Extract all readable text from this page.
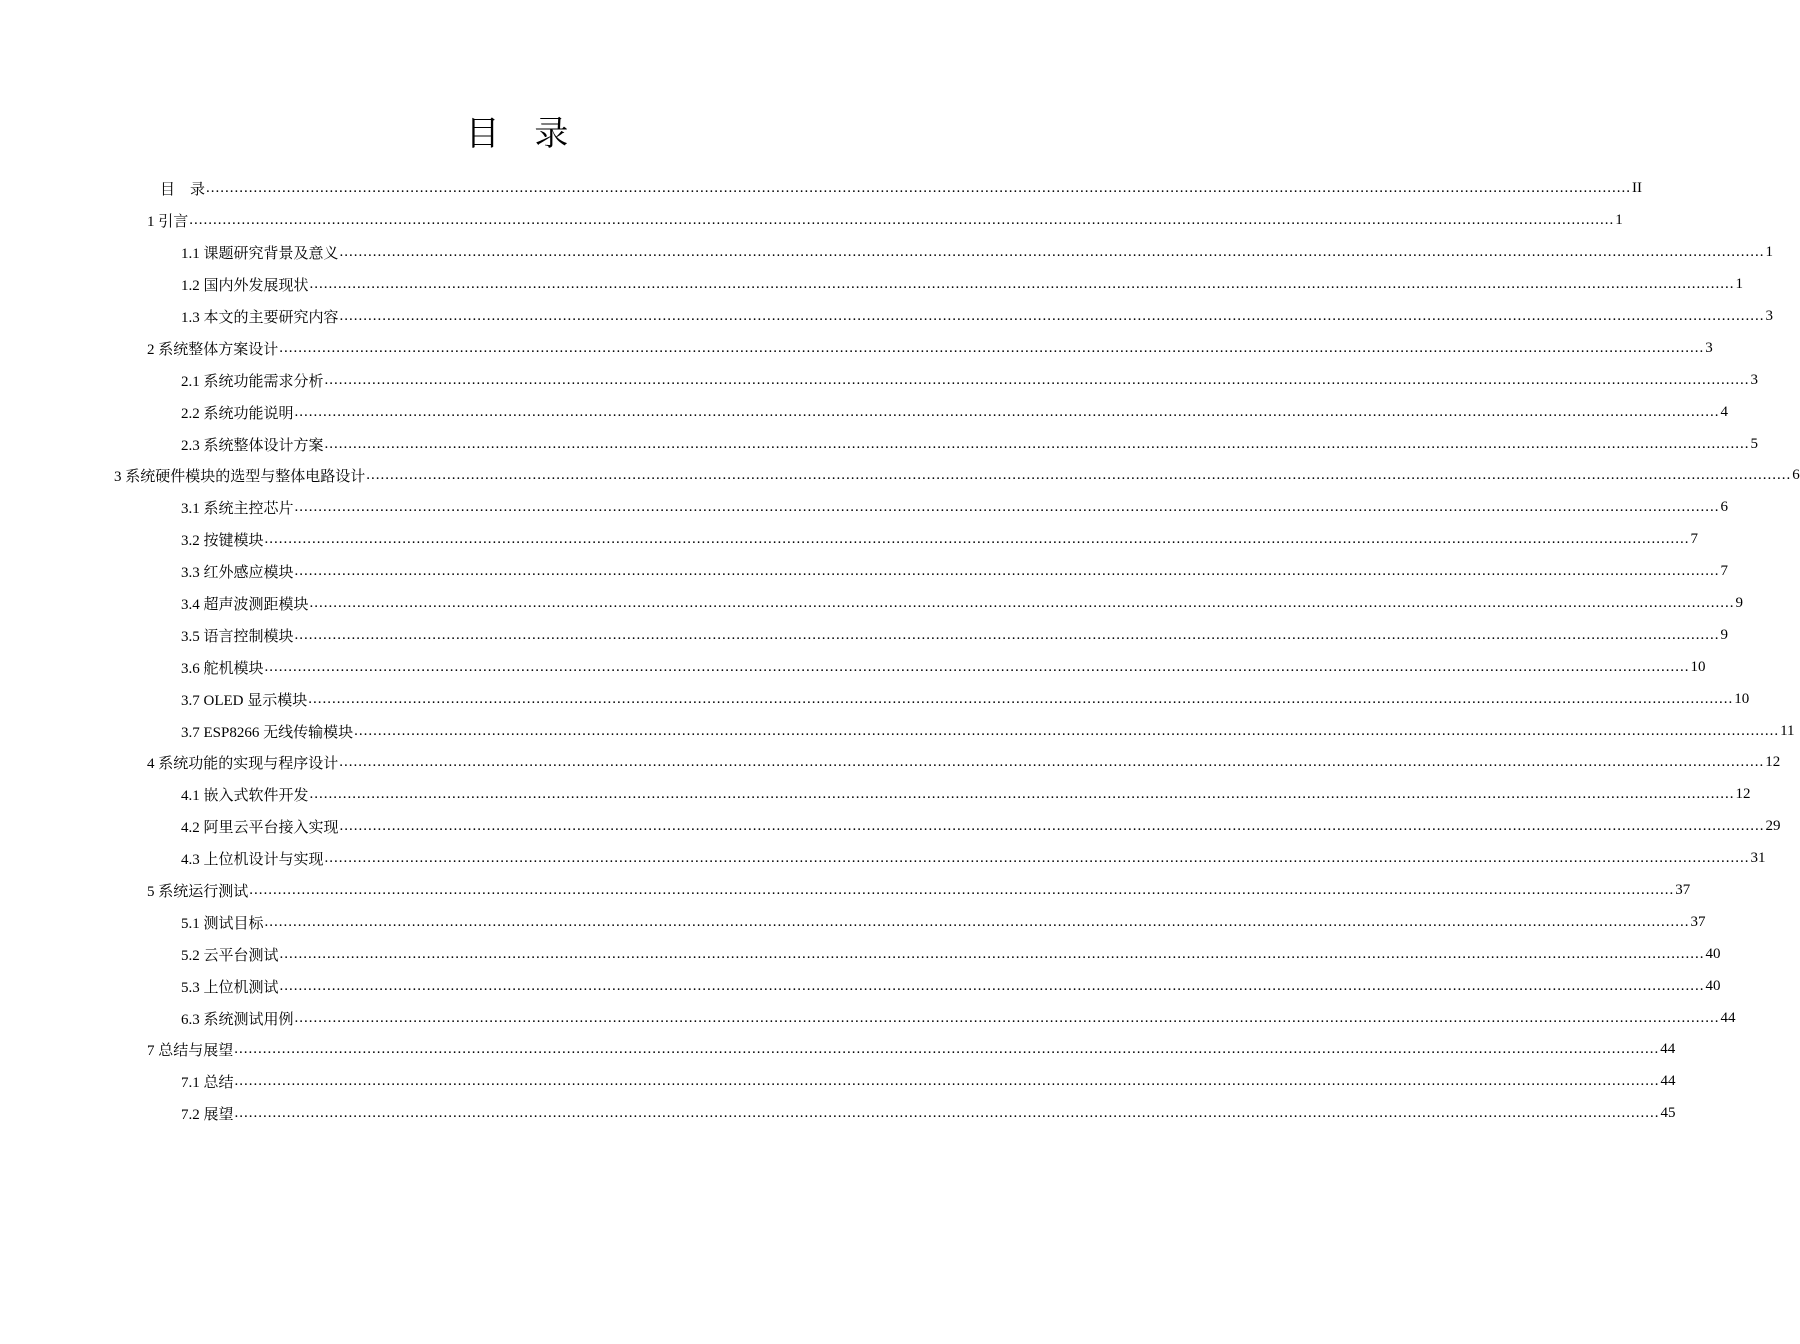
目 录
目　录 ............................................................................................................................................................................................................................................................................................................ II
1 引言 ............................................................................................................................................................................................................................................................................................................ 1
1.1 课题研究背景及意义 ............................................................................................................................................................................................................................................................................................................ 1
1.2 国内外发展现状 ............................................................................................................................................................................................................................................................................................................ 1
1.3 本文的主要研究内容 ............................................................................................................................................................................................................................................................................................................ 3
2 系统整体方案设计 ............................................................................................................................................................................................................................................................................................................ 3
2.1 系统功能需求分析 ............................................................................................................................................................................................................................................................................................................ 3
2.2 系统功能说明 ............................................................................................................................................................................................................................................................................................................ 4
2.3 系统整体设计方案 ............................................................................................................................................................................................................................................................................................................ 5
3 系统硬件模块的选型与整体电路设计 ............................................................................................................................................................................................................................................................................................................ 6
3.1 系统主控芯片 ............................................................................................................................................................................................................................................................................................................ 6
3.2 按键模块 ............................................................................................................................................................................................................................................................................................................ 7
3.3 红外感应模块 ............................................................................................................................................................................................................................................................................................................ 7
3.4 超声波测距模块 ............................................................................................................................................................................................................................................................................................................ 9
3.5 语言控制模块 ............................................................................................................................................................................................................................................................................................................ 9
3.6 舵机模块 ............................................................................................................................................................................................................................................................................................................ 10
3.7 OLED 显示模块 ............................................................................................................................................................................................................................................................................................................ 10
3.7 ESP8266 无线传输模块 ............................................................................................................................................................................................................................................................................................................ 11
4 系统功能的实现与程序设计 ............................................................................................................................................................................................................................................................................................................ 12
4.1 嵌入式软件开发 ............................................................................................................................................................................................................................................................................................................ 12
4.2 阿里云平台接入实现 ............................................................................................................................................................................................................................................................................................................ 29
4.3 上位机设计与实现 ............................................................................................................................................................................................................................................................................................................ 31
5 系统运行测试 ............................................................................................................................................................................................................................................................................................................ 37
5.1 测试目标 ............................................................................................................................................................................................................................................................................................................ 37
5.2 云平台测试 ............................................................................................................................................................................................................................................................................................................ 40
5.3 上位机测试 ............................................................................................................................................................................................................................................................................................................ 40
6.3 系统测试用例 ............................................................................................................................................................................................................................................................................................................ 44
7 总结与展望 ............................................................................................................................................................................................................................................................................................................ 44
7.1 总结 ............................................................................................................................................................................................................................................................................................................ 44
7.2 展望 ............................................................................................................................................................................................................................................................................................................ 45
